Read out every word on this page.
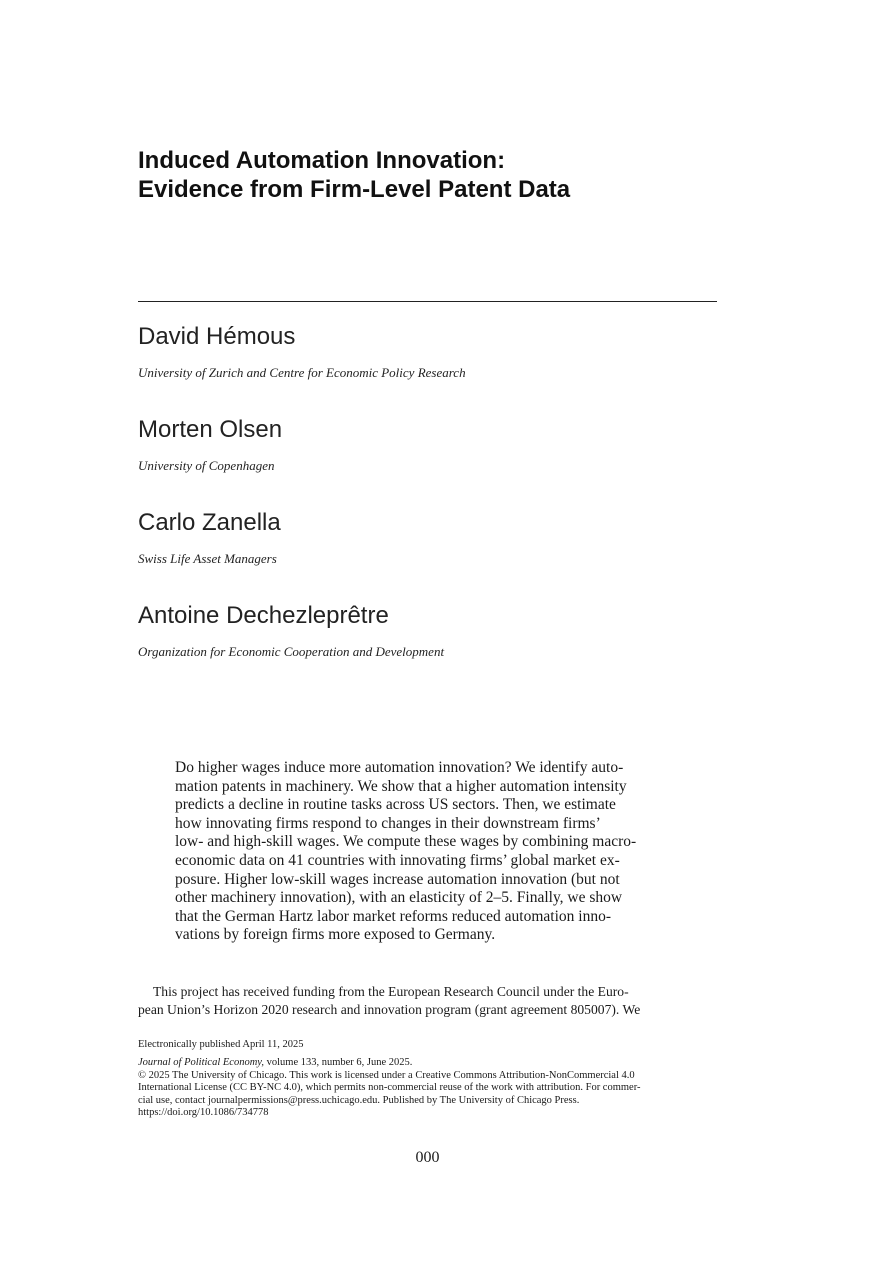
Induced Automation Innovation:
Evidence from Firm-Level Patent Data
David Hémous
University of Zurich and Centre for Economic Policy Research
Morten Olsen
University of Copenhagen
Carlo Zanella
Swiss Life Asset Managers
Antoine Dechezleprêtre
Organization for Economic Cooperation and Development
Do higher wages induce more automation innovation? We identify auto-
mation patents in machinery. We show that a higher automation intensity
predicts a decline in routine tasks across US sectors. Then, we estimate
how innovating firms respond to changes in their downstream firms’
low- and high-skill wages. We compute these wages by combining macro-
economic data on 41 countries with innovating firms’ global market ex-
posure. Higher low-skill wages increase automation innovation (but not
other machinery innovation), with an elasticity of 2–5. Finally, we show
that the German Hartz labor market reforms reduced automation inno-
vations by foreign firms more exposed to Germany.
This project has received funding from the European Research Council under the Euro-
pean Union’s Horizon 2020 research and innovation program (grant agreement 805007). We
Electronically published April 11, 2025
Journal of Political Economy, volume 133, number 6, June 2025.
© 2025 The University of Chicago. This work is licensed under a Creative Commons Attribution-NonCommercial 4.0
International License (CC BY-NC 4.0), which permits non-commercial reuse of the work with attribution. For commer-
cial use, contact journalpermissions@press.uchicago.edu. Published by The University of Chicago Press.
https://doi.org/10.1086/734778
000
